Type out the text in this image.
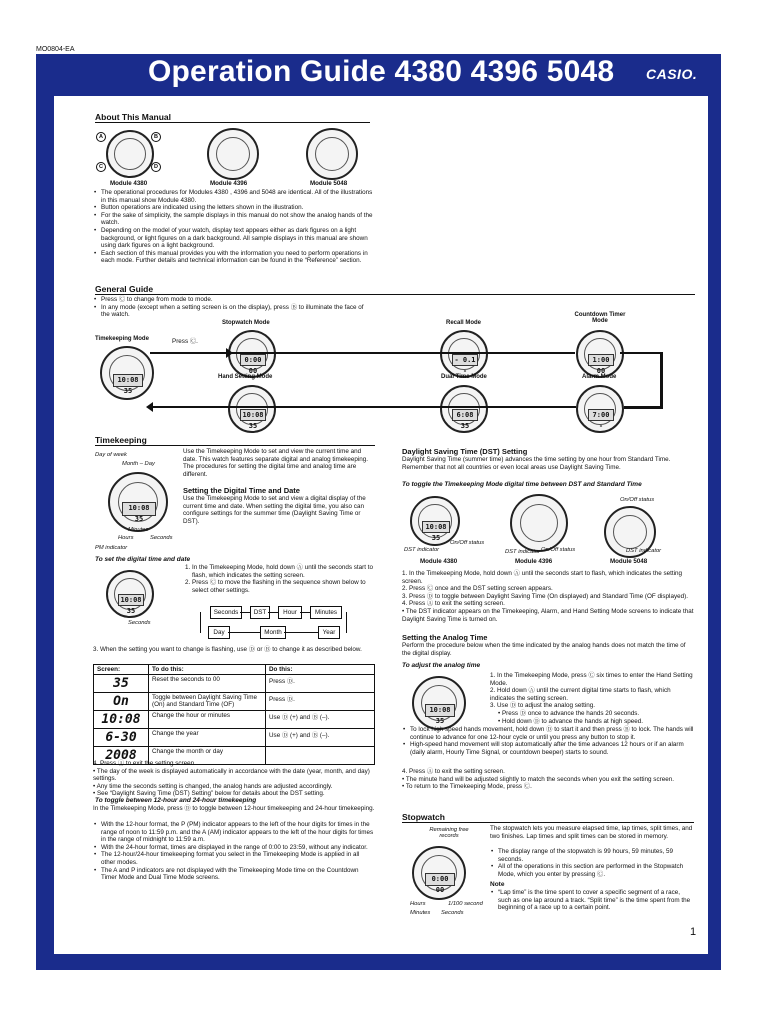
MO0804-EA
Operation Guide 4380 4396 5048 CASIO.
About This Manual
A
C
B
D
Module 4380	Module 4396	Module 5048
• The operational procedures for Modules 4380 , 4396 and 5048 are identical. All of the illustrations in this manual show Module 4380.
• Button operations are indicated using the letters shown in the illustration.
• For the sake of simplicity, the sample displays in this manual do not show the analog hands of the watch.
• Depending on the model of your watch, display text appears either as dark figures on a light background, or light figures on a dark background. All sample displays in this manual are shown using dark figures on a light background.
• Each section of this manual provides you with the information you need to perform operations in each mode. Further details and technical information can be found in the “Reference” section.
General Guide
• Press Ⓒ to change from mode to mode.
• In any mode (except when a setting screen is on the display), press Ⓑ to illuminate the face of the watch.
Timekeeping Mode
10:08 35
Press Ⓒ.
Stopwatch Mode
0:00 00
Hand Setting Mode
10:08 35
Recall Mode
- 0.1 -
Dual Time Mode
6:08 35
Countdown Timer Mode
1:00 00
Alarm Mode
7:00 -
Timekeeping
Day of week
Month – Day
10:08 35
Minutes
Hours	Seconds
PM indicator
Use the Timekeeping Mode to set and view the current time and date. This watch features separate digital and analog timekeeping. The procedures for setting the digital time and analog time are different.
Setting the Digital Time and Date
Use the Timekeeping Mode to set and view a digital display of the current time and date. When setting the digital time, you also can configure settings for the summer time (Daylight Saving Time or DST).
To set the digital time and date
10:08 35
Seconds
1. In the Timekeeping Mode, hold down Ⓐ until the seconds start to flash, which indicates the setting screen.
2. Press Ⓒ to move the flashing in the sequence shown below to select other settings.
Seconds	DST	Hour	Minutes
Day	Month	Year
3. When the setting you want to change is flashing, use Ⓓ or Ⓑ to change it as described below.
Screen:	To do this:	Do this:
35	Reset the seconds to 00	Press Ⓓ.
On	Toggle between Daylight Saving Time (On) and Standard Time (OF)	Press Ⓓ.
10:08	Change the hour or minutes	Use Ⓓ (+) and Ⓑ (–).
6-30	Change the year	Use Ⓓ (+) and Ⓑ (–).
2008	Change the month or day	
4. Press Ⓐ to exit the setting screen.
• The day of the week is displayed automatically in accordance with the date (year, month, and day) settings.
• Any time the seconds setting is changed, the analog hands are adjusted accordingly.
• See “Daylight Saving Time (DST) Setting” below for details about the DST setting.
To toggle between 12-hour and 24-hour timekeeping
In the Timekeeping Mode, press Ⓓ to toggle between 12-hour timekeeping and 24-hour timekeeping.
• With the 12-hour format, the P (PM) indicator appears to the left of the hour digits for times in the range of noon to 11:59 p.m. and the A (AM) indicator appears to the left of the hour digits for times in the range of midnight to 11:59 a.m.
• With the 24-hour format, times are displayed in the range of 0:00 to 23:59, without any indicator.
• The 12-hour/24-hour timekeeping format you select in the Timekeeping Mode is applied in all other modes.
• The A and P indicators are not displayed with the Timekeeping Mode time on the Countdown Timer Mode and Dual Time Mode screens.
Daylight Saving Time (DST) Setting
Daylight Saving Time (summer time) advances the time setting by one hour from Standard Time. Remember that not all countries or even local areas use Daylight Saving Time.
To toggle the Timekeeping Mode digital time between DST and Standard Time
10:08 35
On/Off status
DST indicator
On/Off status
DST indicator On/Off status	DST indicator
Module 4380	Module 4396	Module 5048
1. In the Timekeeping Mode, hold down Ⓐ until the seconds start to flash, which indicates the setting screen.
2. Press Ⓒ once and the DST setting screen appears.
3. Press Ⓓ to toggle between Daylight Saving Time (On displayed) and Standard Time (OF displayed).
4. Press Ⓐ to exit the setting screen.
• The DST indicator appears on the Timekeeping, Alarm, and Hand Setting Mode screens to indicate that Daylight Saving Time is turned on.
Setting the Analog Time
Perform the procedure below when the time indicated by the analog hands does not match the time of the digital display.
To adjust the analog time
10:08 35
1. In the Timekeeping Mode, press Ⓒ six times to enter the Hand Setting Mode.
2. Hold down Ⓐ until the current digital time starts to flash, which indicates the setting screen.
3. Use Ⓓ to adjust the analog setting.
• Press Ⓓ once to advance the hands 20 seconds.
• Hold down Ⓓ to advance the hands at high speed.
• To lock high speed hands movement, hold down Ⓓ to start it and then press Ⓑ to lock. The hands will continue to advance for one 12-hour cycle or until you press any button to stop it.
• High-speed hand movement will stop automatically after the time advances 12 hours or if an alarm (daily alarm, Hourly Time Signal, or countdown beeper) starts to sound.
4. Press Ⓐ to exit the setting screen.
• The minute hand will be adjusted slightly to match the seconds when you exit the setting screen.
• To return to the Timekeeping Mode, press Ⓒ.
Stopwatch
Remaining free records
0:00 00
Hours	1/100 second
Minutes Seconds
The stopwatch lets you measure elapsed time, lap times, split times, and two finishes. Lap times and split times can be stored in memory.
• The display range of the stopwatch is 99 hours, 59 minutes, 59 seconds.
• All of the operations in this section are performed in the Stopwatch Mode, which you enter by pressing Ⓒ.
Note
• “Lap time” is the time spent to cover a specific segment of a race, such as one lap around a track. “Split time” is the time spent from the beginning of a race up to a certain point.
1
